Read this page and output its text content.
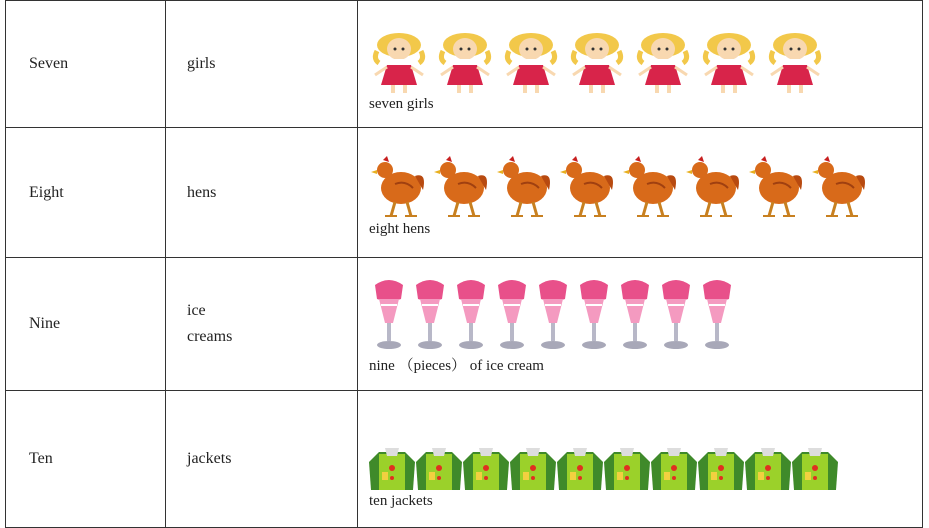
Seven	girls	seven girls

Eight	hens	eight hens

Nine	ice creams	nine （pieces） of ice cream

Ten	jackets	ten jackets
